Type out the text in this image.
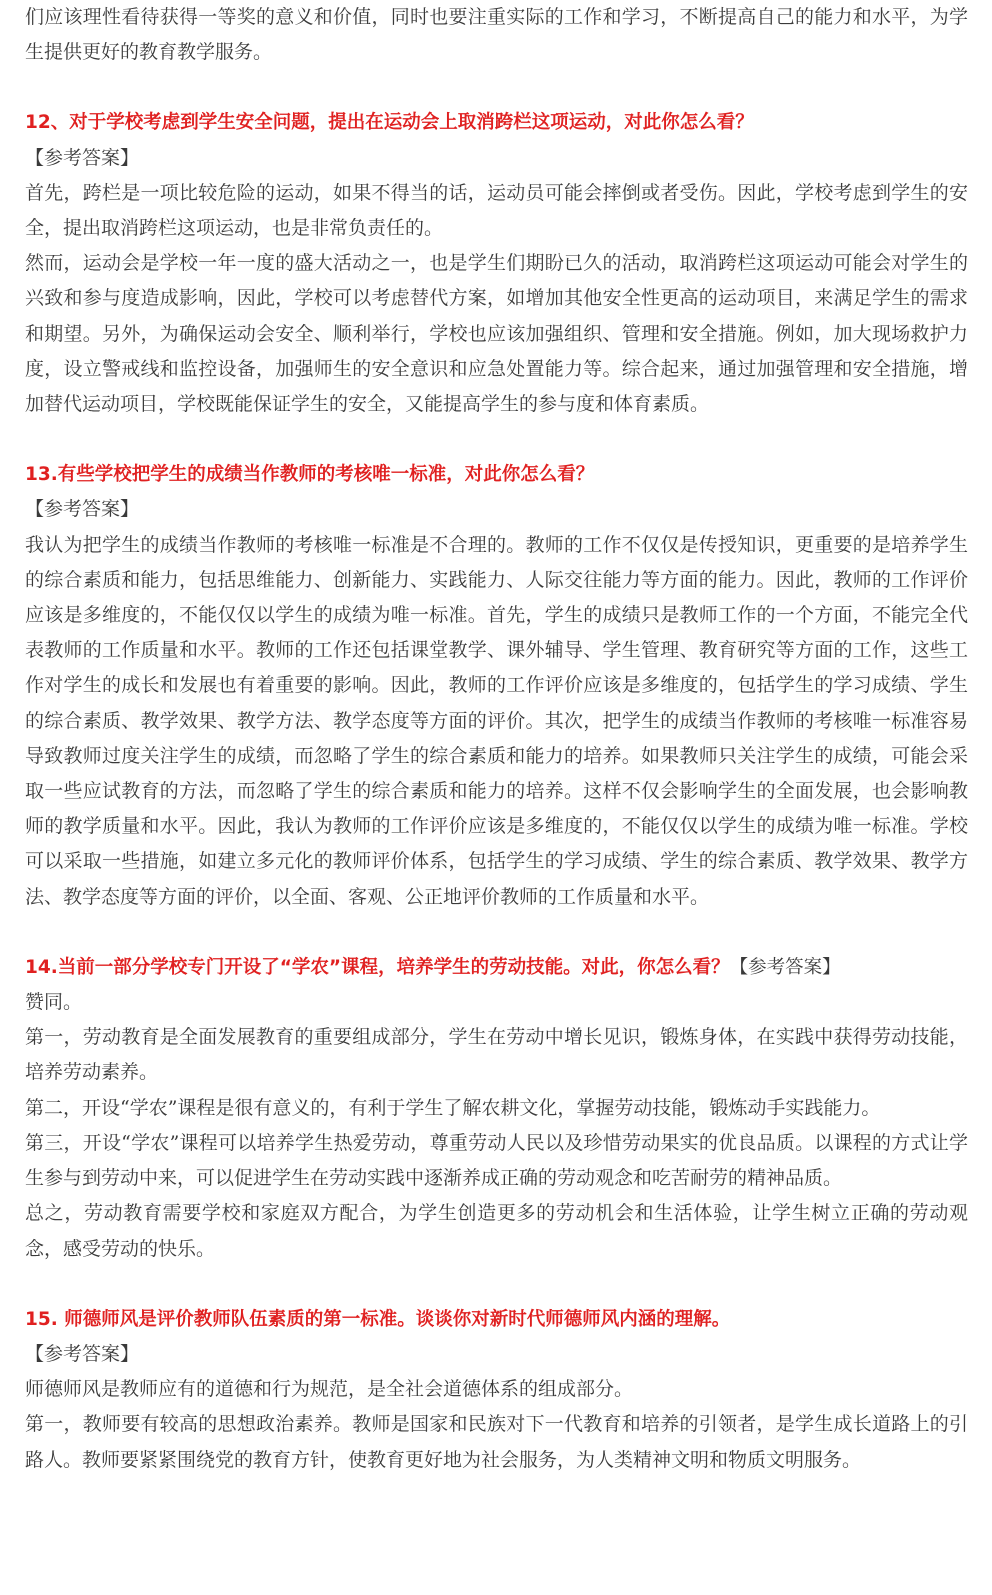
们应该理性看待获得一等奖的意义和价值，同时也要注重实际的工作和学习，不断提高自己的能力和水平，为学生提供更好的教育教学服务。

12、对于学校考虑到学生安全问题，提出在运动会上取消跨栏这项运动，对此你怎么看？

【参考答案】

首先，跨栏是一项比较危险的运动，如果不得当的话，运动员可能会摔倒或者受伤。因此，学校考虑到学生的安全，提出取消跨栏这项运动，也是非常负责任的。

然而，运动会是学校一年一度的盛大活动之一，也是学生们期盼已久的活动，取消跨栏这项运动可能会对学生的兴致和参与度造成影响，因此，学校可以考虑替代方案，如增加其他安全性更高的运动项目，来满足学生的需求和期望。另外，为确保运动会安全、顺利举行，学校也应该加强组织、管理和安全措施。例如，加大现场救护力度，设立警戒线和监控设备，加强师生的安全意识和应急处置能力等。综合起来，通过加强管理和安全措施，增加替代运动项目，学校既能保证学生的安全，又能提高学生的参与度和体育素质。

13.有些学校把学生的成绩当作教师的考核唯一标准，对此你怎么看？

【参考答案】

我认为把学生的成绩当作教师的考核唯一标准是不合理的。教师的工作不仅仅是传授知识，更重要的是培养学生的综合素质和能力，包括思维能力、创新能力、实践能力、人际交往能力等方面的能力。因此，教师的工作评价应该是多维度的，不能仅仅以学生的成绩为唯一标准。首先，学生的成绩只是教师工作的一个方面，不能完全代表教师的工作质量和水平。教师的工作还包括课堂教学、课外辅导、学生管理、教育研究等方面的工作，这些工作对学生的成长和发展也有着重要的影响。因此，教师的工作评价应该是多维度的，包括学生的学习成绩、学生的综合素质、教学效果、教学方法、教学态度等方面的评价。其次，把学生的成绩当作教师的考核唯一标准容易导致教师过度关注学生的成绩，而忽略了学生的综合素质和能力的培养。如果教师只关注学生的成绩，可能会采取一些应试教育的方法，而忽略了学生的综合素质和能力的培养。这样不仅会影响学生的全面发展，也会影响教师的教学质量和水平。因此，我认为教师的工作评价应该是多维度的，不能仅仅以学生的成绩为唯一标准。学校可以采取一些措施，如建立多元化的教师评价体系，包括学生的学习成绩、学生的综合素质、教学效果、教学方法、教学态度等方面的评价，以全面、客观、公正地评价教师的工作质量和水平。

14.当前一部分学校专门开设了“学农”课程，培养学生的劳动技能。对此，你怎么看？【参考答案】

赞同。

第一，劳动教育是全面发展教育的重要组成部分，学生在劳动中增长见识，锻炼身体，在实践中获得劳动技能，培养劳动素养。

第二，开设“学农”课程是很有意义的，有利于学生了解农耕文化，掌握劳动技能，锻炼动手实践能力。

第三，开设“学农”课程可以培养学生热爱劳动，尊重劳动人民以及珍惜劳动果实的优良品质。以课程的方式让学生参与到劳动中来，可以促进学生在劳动实践中逐渐养成正确的劳动观念和吃苦耐劳的精神品质。

总之，劳动教育需要学校和家庭双方配合，为学生创造更多的劳动机会和生活体验，让学生树立正确的劳动观念，感受劳动的快乐。

15. 师德师风是评价教师队伍素质的第一标准。谈谈你对新时代师德师风内涵的理解。

【参考答案】

师德师风是教师应有的道德和行为规范，是全社会道德体系的组成部分。

第一，教师要有较高的思想政治素养。教师是国家和民族对下一代教育和培养的引领者，是学生成长道路上的引路人。教师要紧紧围绕党的教育方针，使教育更好地为社会服务，为人类精神文明和物质文明服务。
